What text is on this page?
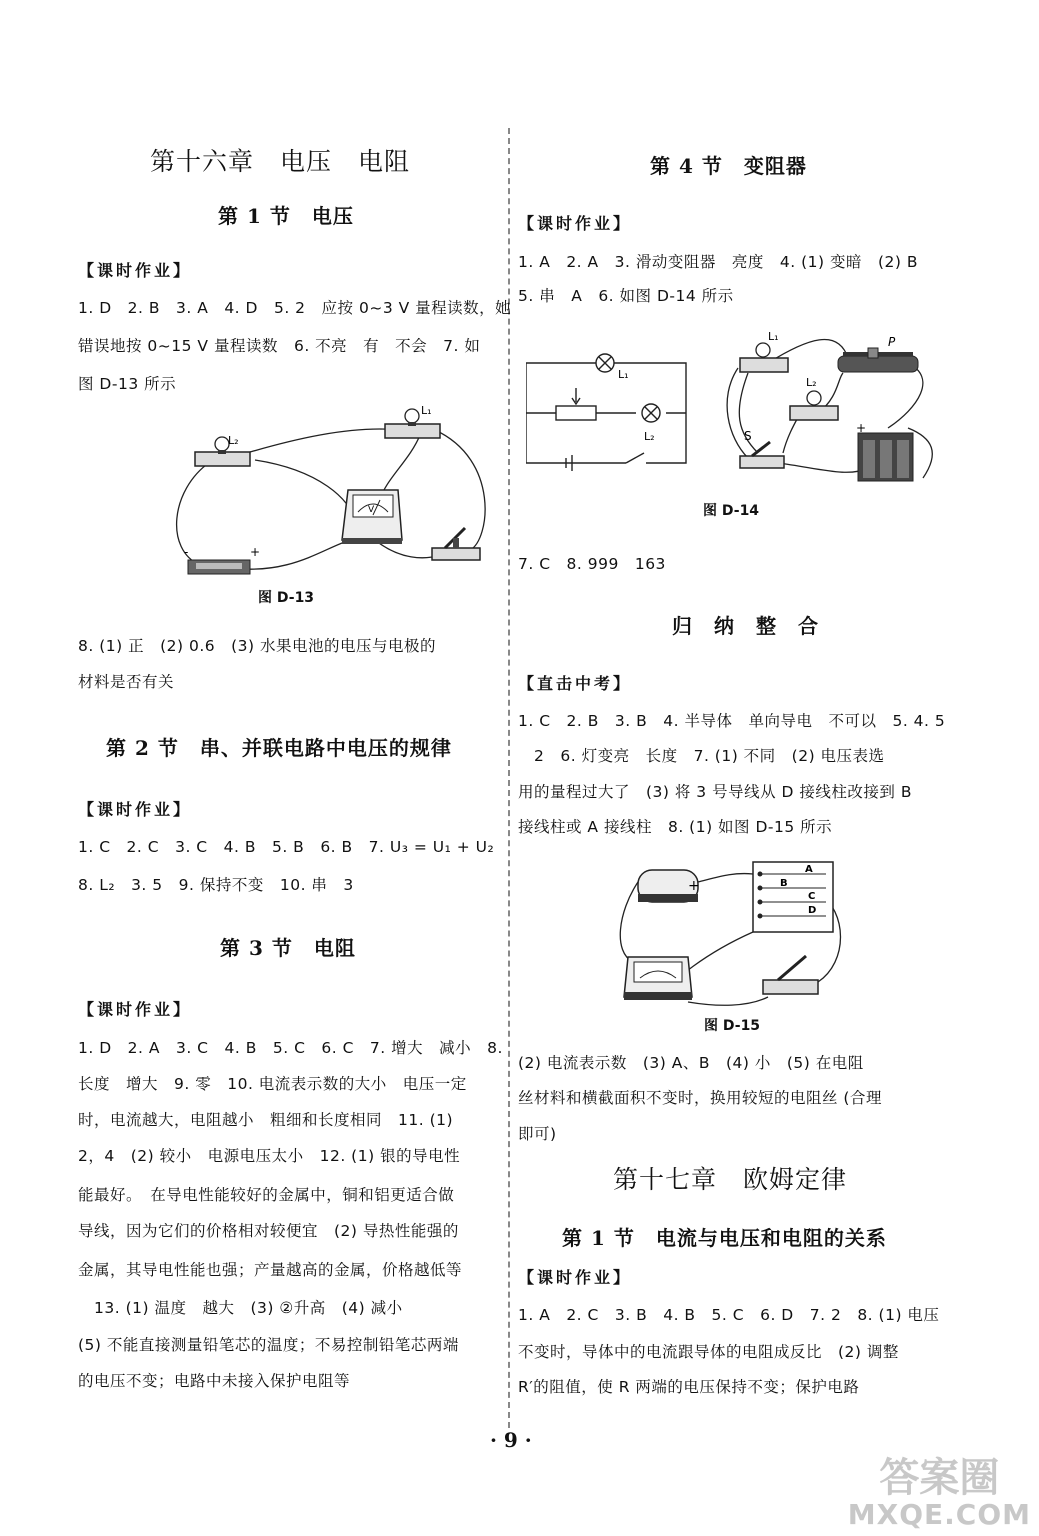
第十六章　电压　电阻
第 1 节　电压
【课时作业】
1. D　2. B　3. A　4. D　5. 2　应按 0~3 V 量程读数，她
错误地按 0~15 V 量程读数　6. 不亮　有　不会　7. 如
图 D-13 所示
L₂
L₁
-	+
V
图 D-13
8. (1) 正　(2) 0.6　(3) 水果电池的电压与电极的
材料是否有关
第 2 节　串、并联电路中电压的规律
【课时作业】
1. C　2. C　3. C　4. B　5. B　6. B　7. U₃ = U₁ + U₂
8. L₂　3. 5　9. 保持不变　10. 串　3
第 3 节　电阻
【课时作业】
1. D　2. A　3. C　4. B　5. C　6. C　7. 增大　减小　8.
长度　增大　9. 零　10. 电流表示数的大小　电压一定
时，电流越大，电阻越小　粗细和长度相同　11. (1)
2，4　(2) 较小　电源电压太小　12. (1) 银的导电性
能最好。　在导电性能较好的金属中，铜和铝更适合做
导线，因为它们的价格相对较便宜　(2) 导热性能强的
金属，其导电性能也强；产量越高的金属，价格越低等
　13. (1) 温度　越大　(3) ②升高　(4) 减小
(5) 不能直接测量铅笔芯的温度；不易控制铅笔芯两端
的电压不变；电路中未接入保护电阻等
第 4 节　变阻器
【课时作业】
1. A　2. A　3. 滑动变阻器　亮度　4. (1) 变暗　(2) B
5. 串　A　6. 如图 D-14 所示
L₁
L₂
L₁
L₂
P
S
+
图 D-14
7. C　8. 999　163
归　纳　整　合
【直击中考】
1. C　2. B　3. B　4. 半导体　单向导电　不可以　5. 4. 5
　2　6. 灯变亮　长度　7. (1) 不同　(2) 电压表选
用的量程过大了　(3) 将 3 号导线从 D 接线柱改接到 B
接线柱或 A 接线柱　8. (1) 如图 D-15 所示
+
A
B
C
D
图 D-15
(2) 电流表示数　(3) A、B　(4) 小　(5) 在电阻
丝材料和横截面积不变时，换用较短的电阻丝 (合理
即可)
第十七章　欧姆定律
第 1 节　电流与电压和电阻的关系
【课时作业】
1. A　2. C　3. B　4. B　5. C　6. D　7. 2　8. (1) 电压
不变时，导体中的电流跟导体的电阻成反比　(2) 调整
R′的阻值，使 R 两端的电压保持不变；保护电路
· 9 ·
答案圈
MXQE.COM
